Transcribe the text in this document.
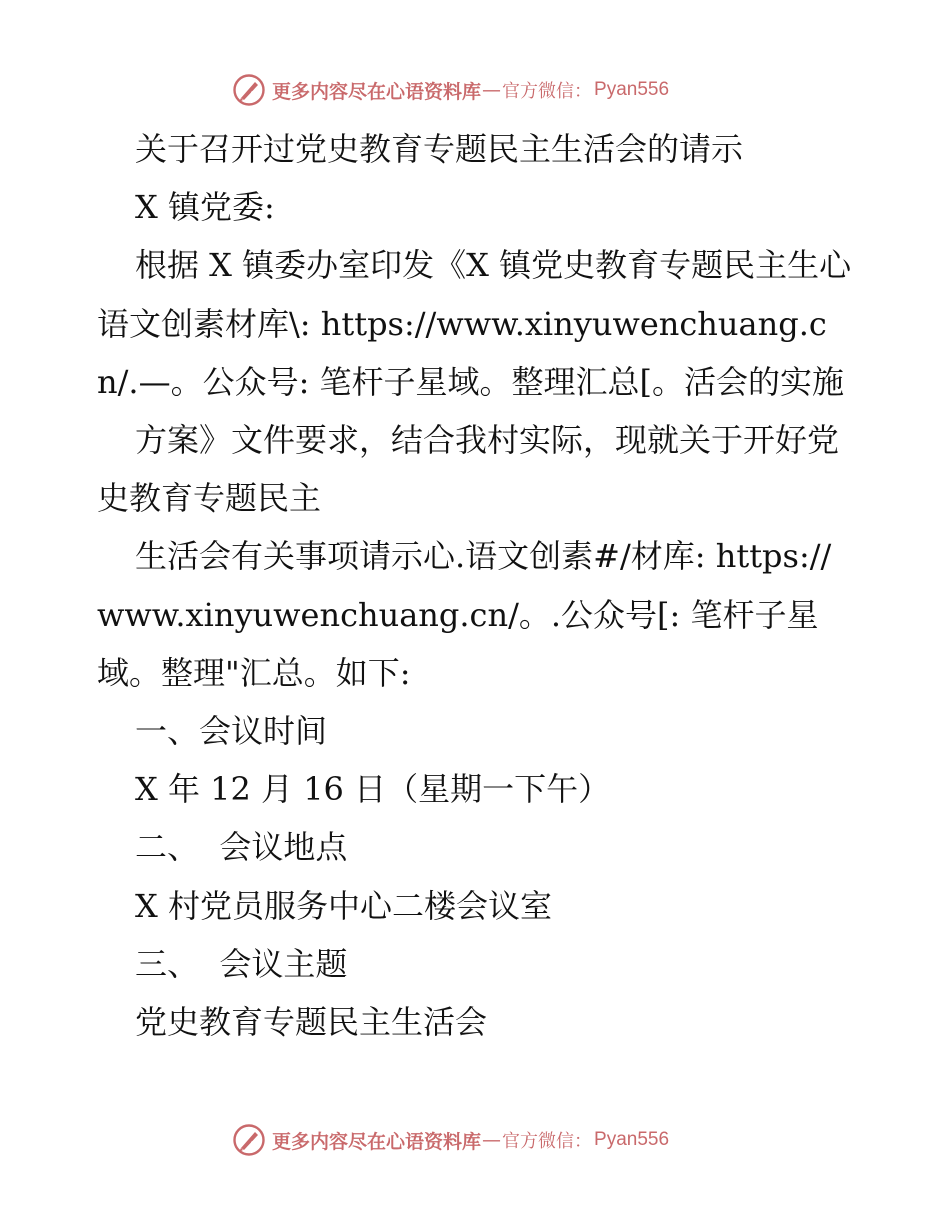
更多内容尽在心语资料库 — 官方微信： Pyan556

关于召开过党史教育专题民主生活会的请示

X 镇党委:

根据 X 镇委办室印发《X 镇党史教育专题民主生心语文创素材库\: https://www.xinyuwenchuang.cn/.—。公众号: 笔杆子星域。整理汇总[。活会的实施

方案》文件要求，结合我村实际，现就关于开好党史教育专题民主

生活会有关事项请示心.语文创素#/材库: https://www.xinyuwenchuang.cn/。.公众号[: 笔杆子星域。整理"汇总。如下:

一、会议时间

X 年 12 月 16 日（星期一下午）

二、  会议地点

X 村党员服务中心二楼会议室

三、  会议主题

党史教育专题民主生活会

更多内容尽在心语资料库 — 官方微信： Pyan556
